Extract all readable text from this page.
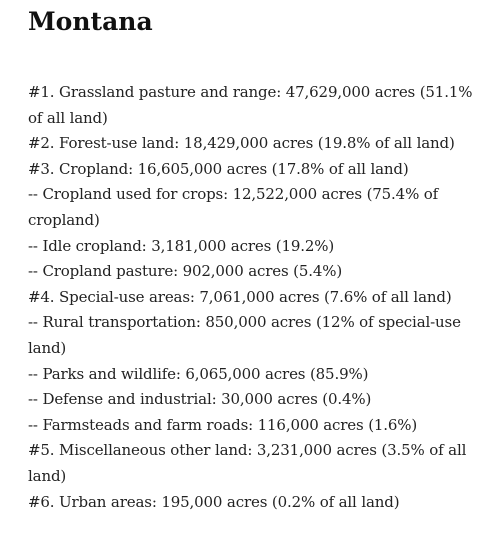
Montana
#1. Grassland pasture and range: 47,629,000 acres (51.1% of all land)
#2. Forest-use land: 18,429,000 acres (19.8% of all land)
#3. Cropland: 16,605,000 acres (17.8% of all land)
-- Cropland used for crops: 12,522,000 acres (75.4% of cropland)
-- Idle cropland: 3,181,000 acres (19.2%)
-- Cropland pasture: 902,000 acres (5.4%)
#4. Special-use areas: 7,061,000 acres (7.6% of all land)
-- Rural transportation: 850,000 acres (12% of special-use land)
-- Parks and wildlife: 6,065,000 acres (85.9%)
-- Defense and industrial: 30,000 acres (0.4%)
-- Farmsteads and farm roads: 116,000 acres (1.6%)
#5. Miscellaneous other land: 3,231,000 acres (3.5% of all land)
#6. Urban areas: 195,000 acres (0.2% of all land)
